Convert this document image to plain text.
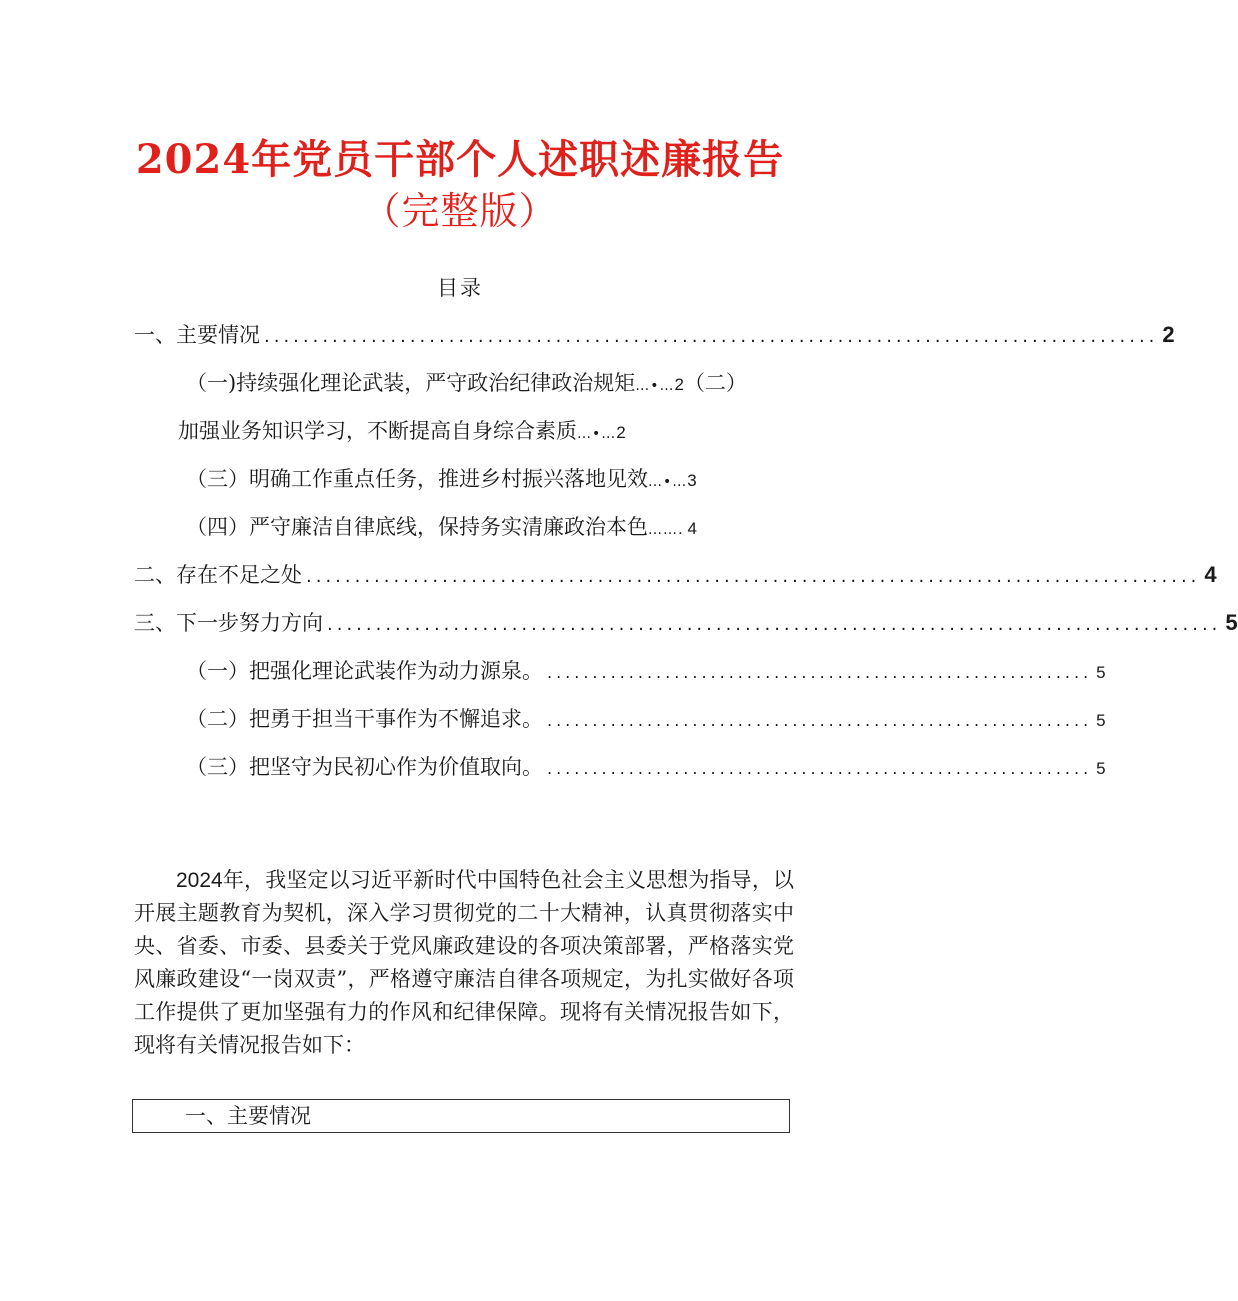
2024年党员干部个人述职述廉报告
（完整版）
目录
一、主要情况 ............................................................................................ 2
（一)持续强化理论武装，严守政治纪律政治规矩…•…2（二）
加强业务知识学习，不断提高自身综合素质…•…2
（三）明确工作重点任务，推进乡村振兴落地见效…•…3
（四）严守廉洁自律底线，保持务实清廉政治本色……. 4
二、存在不足之处 ............................................................................................ 4
三、下一步努力方向 ............................................................................................ 5
（一）把强化理论武装作为动力源泉。 ............................................................ 5
（二）把勇于担当干事作为不懈追求。 ............................................................ 5
（三）把坚守为民初心作为价值取向。 ............................................................ 5

2024年，我坚定以习近平新时代中国特色社会主义思想为指导，以开展主题教育为契机，深入学习贯彻党的二十大精神，认真贯彻落实中央、省委、市委、县委关于党风廉政建设的各项决策部署，严格落实党风廉政建设“一岗双责”，严格遵守廉洁自律各项规定，为扎实做好各项工作提供了更加坚强有力的作风和纪律保障。现将有关情况报告如下，现将有关情况报告如下：

一、主要情况
